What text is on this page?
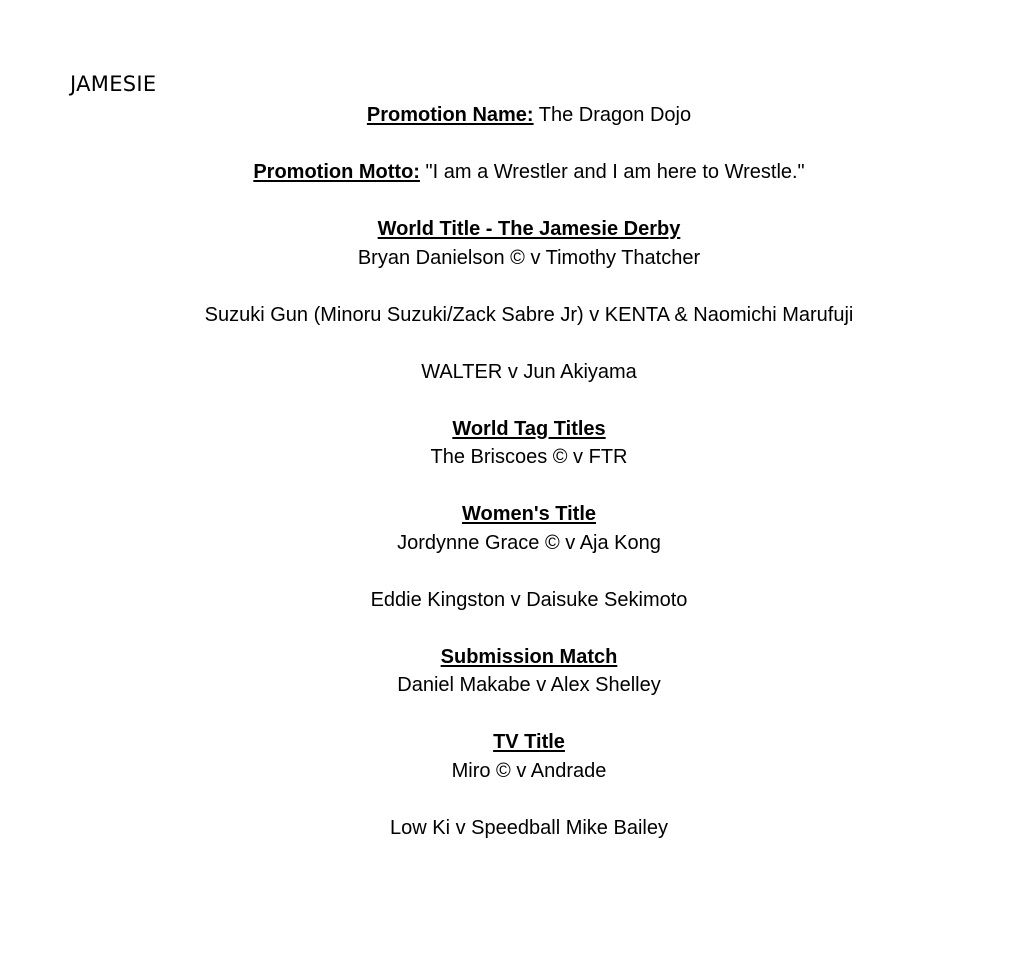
JAMESIE

Promotion Name: The Dragon Dojo

Promotion Motto: "I am a Wrestler and I am here to Wrestle."

World Title - The Jamesie Derby

Bryan Danielson © v Timothy Thatcher

Suzuki Gun (Minoru Suzuki/Zack Sabre Jr) v KENTA & Naomichi Marufuji

WALTER v Jun Akiyama

World Tag Titles

The Briscoes © v FTR

Women's Title

Jordynne Grace © v Aja Kong

Eddie Kingston v Daisuke Sekimoto

Submission Match

Daniel Makabe v Alex Shelley

TV Title

Miro © v Andrade

Low Ki v Speedball Mike Bailey
